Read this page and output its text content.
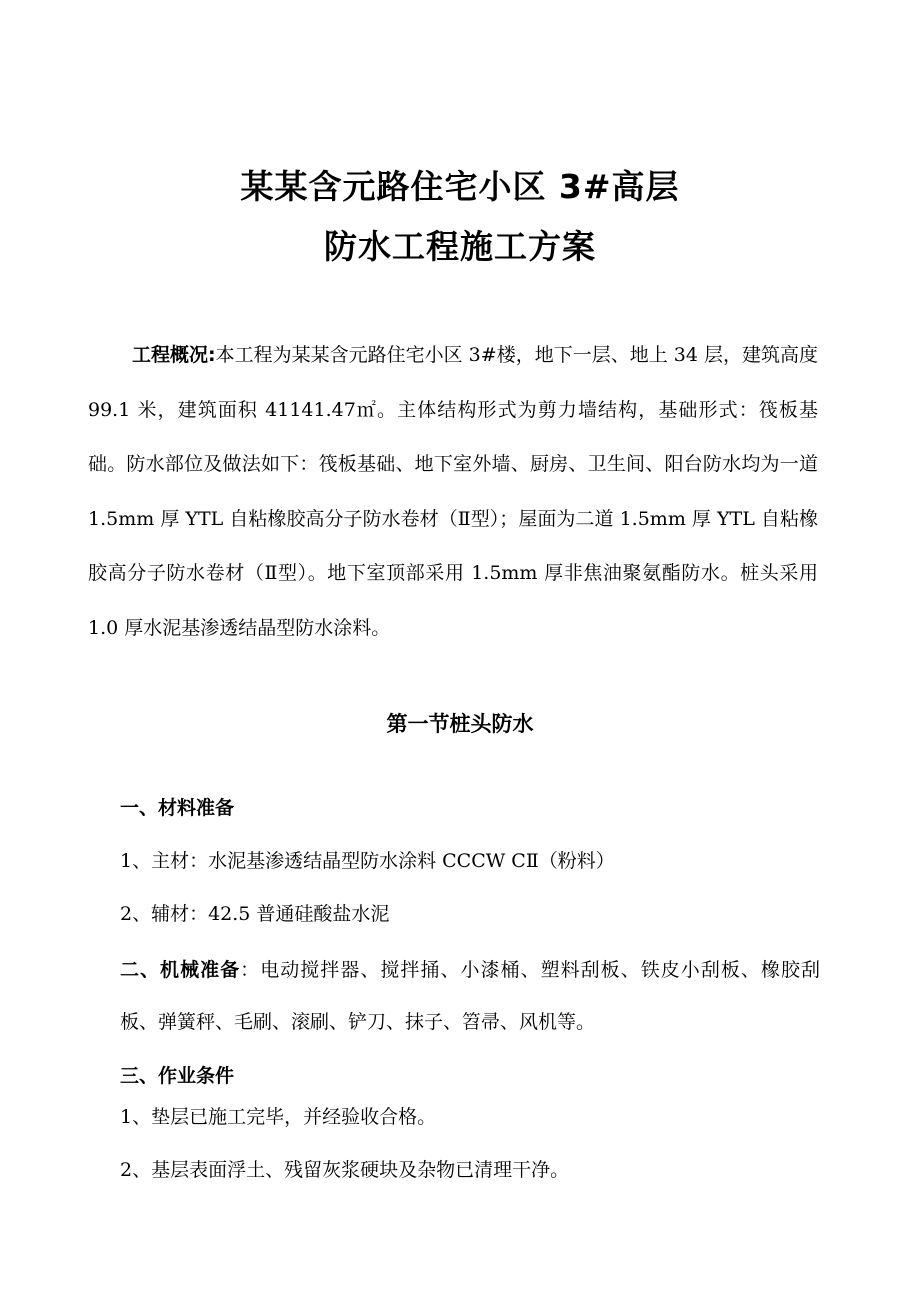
某某含元路住宅小区 3#高层
防水工程施工方案
工程概况:本工程为某某含元路住宅小区 3#楼，地下一层、地上 34 层，建筑高度 99.1 米，建筑面积 41141.47㎡。主体结构形式为剪力墙结构，基础形式：筏板基础。防水部位及做法如下：筏板基础、地下室外墙、厨房、卫生间、阳台防水均为一道 1.5mm 厚 YTL 自粘橡胶高分子防水卷材（Ⅱ型）；屋面为二道 1.5mm 厚 YTL 自粘橡胶高分子防水卷材（Ⅱ型）。地下室顶部采用 1.5mm 厚非焦油聚氨酯防水。桩头采用 1.0 厚水泥基渗透结晶型防水涂料。
第一节桩头防水
一、材料准备
1、主材：水泥基渗透结晶型防水涂料 CCCW CⅡ（粉料）
2、辅材：42.5 普通硅酸盐水泥
二、机械准备：电动搅拌器、搅拌捅、小漆桶、塑料刮板、铁皮小刮板、橡胶刮板、弹簧秤、毛刷、滚刷、铲刀、抹子、笤帚、风机等。
三、作业条件
1、垫层已施工完毕，并经验收合格。
2、基层表面浮土、残留灰浆硬块及杂物已清理干净。
